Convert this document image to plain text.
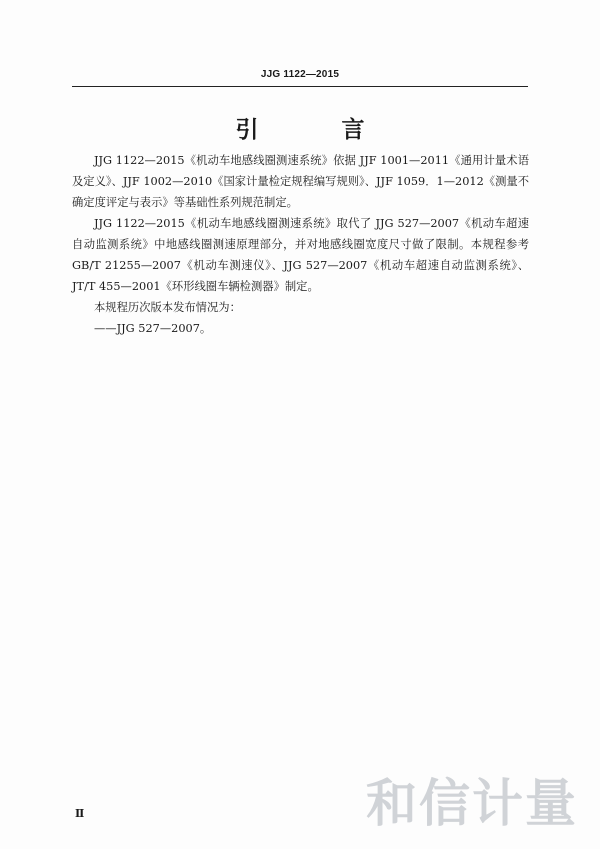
JJG 1122—2015
引　言

JJG 1122—2015《机动车地感线圈测速系统》依据 JJF 1001—2011《通用计量术语及定义》、JJF 1002—2010《国家计量检定规程编写规则》、JJF 1059．1—2012《测量不确定度评定与表示》等基础性系列规范制定。

JJG 1122—2015《机动车地感线圈测速系统》取代了 JJG 527—2007《机动车超速自动监测系统》中地感线圈测速原理部分，并对地感线圈宽度尺寸做了限制。本规程参考 GB/T 21255—2007《机动车测速仪》、JJG 527—2007《机动车超速自动监测系统》、JT/T 455—2001《环形线圈车辆检测器》制定。

本规程历次版本发布情况为：

——JJG 527—2007。

Ⅱ	和信计量
